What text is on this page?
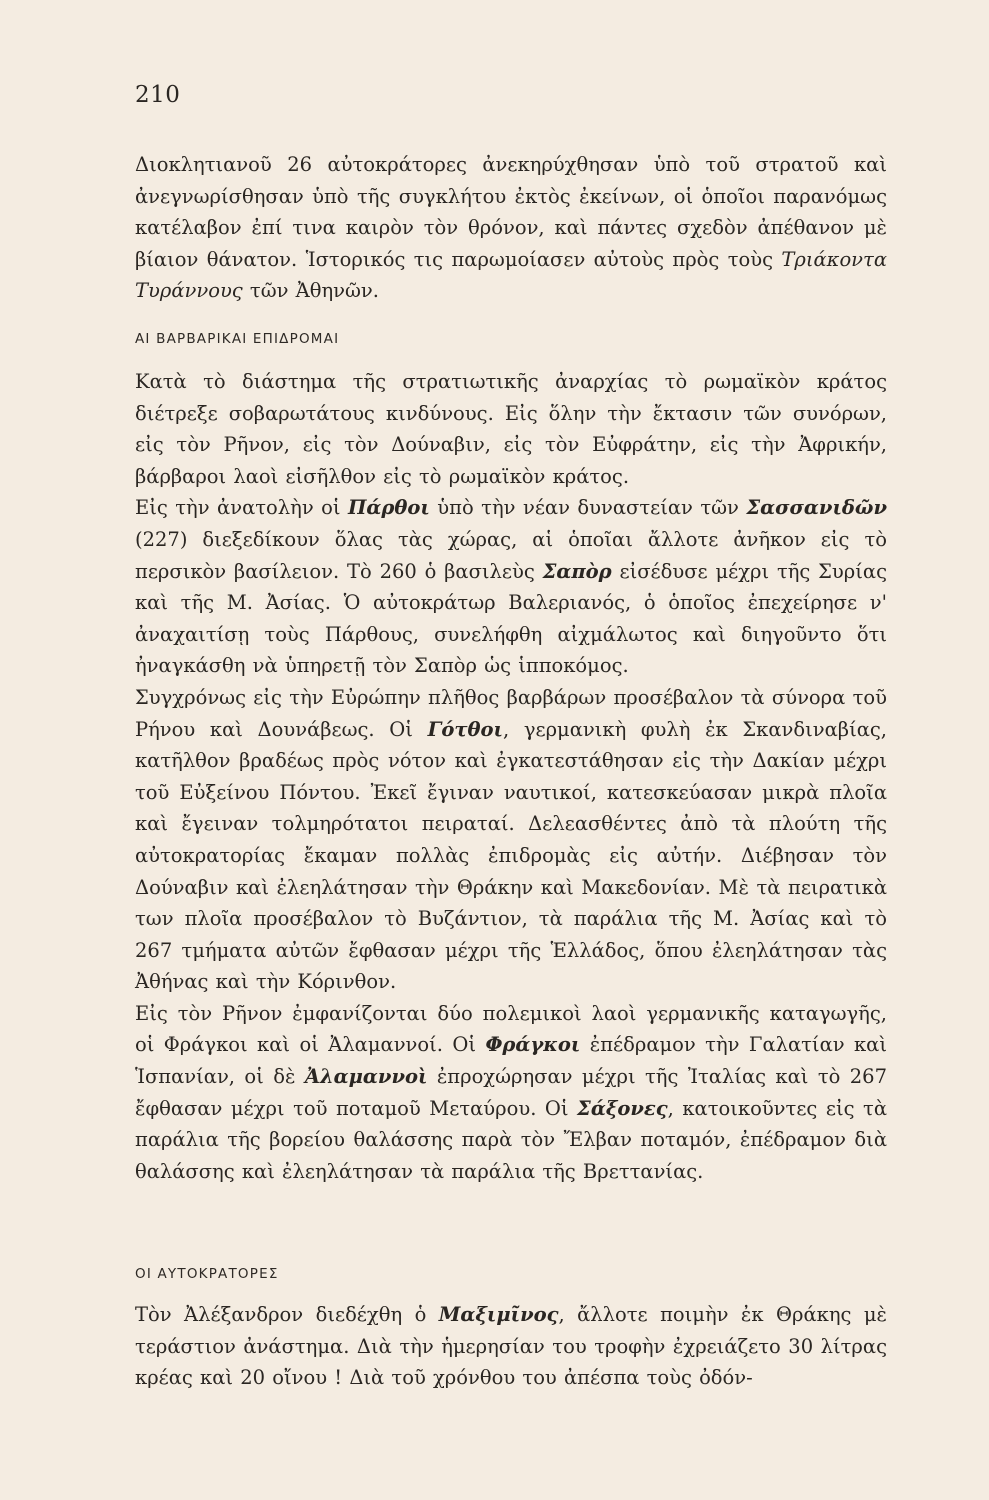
210

Διοκλητιανοῦ 26 αὐτοκράτορες ἀνεκηρύχθησαν ὑπὸ τοῦ στρατοῦ καὶ ἀνεγνωρίσθησαν ὑπὸ τῆς συγκλήτου ἐκτὸς ἐκείνων, οἱ ὁποῖοι παρανόμως κατέλαβον ἐπί τινα καιρὸν τὸν θρόνον, καὶ πάντες σχεδὸν ἀπέθανον μὲ βίαιον θάνατον. Ἱστορικός τις παρωμοίασεν αὐτοὺς πρὸς τοὺς Τριάκοντα Τυράννους τῶν Ἀθηνῶν.

ΑΙ ΒΑΡΒΑΡΙΚΑΙ ΕΠΙΔΡΟΜΑΙ

Κατὰ τὸ διάστημα τῆς στρατιωτικῆς ἀναρχίας τὸ ρωμαϊκὸν κράτος διέτρεξε σοβαρωτάτους κινδύνους. Εἰς ὅλην τὴν ἔκτασιν τῶν συνόρων, εἰς τὸν Ρῆνον, εἰς τὸν Δούναβιν, εἰς τὸν Εὐφράτην, εἰς τὴν Ἀφρικήν, βάρβαροι λαοὶ εἰσῆλθον εἰς τὸ ρωμαϊκὸν κράτος.

Εἰς τὴν ἀνατολὴν οἱ Πάρθοι ὑπὸ τὴν νέαν δυναστείαν τῶν Σασσανιδῶν (227) διεξεδίκουν ὅλας τὰς χώρας, αἱ ὁποῖαι ἄλλοτε ἀνῆκον εἰς τὸ περσικὸν βασίλειον. Τὸ 260 ὁ βασιλεὺς Σαπὸρ εἰσέδυσε μέχρι τῆς Συρίας καὶ τῆς Μ. Ἀσίας. Ὁ αὐτοκράτωρ Βαλεριανός, ὁ ὁποῖος ἐπεχείρησε ν' ἀναχαιτίσῃ τοὺς Πάρθους, συνελήφθη αἰχμάλωτος καὶ διηγοῦντο ὅτι ἠναγκάσθη νὰ ὑπηρετῇ τὸν Σαπὸρ ὡς ἱπποκόμος.

Συγχρόνως εἰς τὴν Εὐρώπην πλῆθος βαρβάρων προσέβαλον τὰ σύνορα τοῦ Ρήνου καὶ Δουνάβεως. Οἱ Γότθοι, γερμανικὴ φυλὴ ἐκ Σκανδιναβίας, κατῆλθον βραδέως πρὸς νότον καὶ ἐγκατεστάθησαν εἰς τὴν Δακίαν μέχρι τοῦ Εὐξείνου Πόντου. Ἐκεῖ ἔγιναν ναυτικοί, κατεσκεύασαν μικρὰ πλοῖα καὶ ἔγειναν τολμηρότατοι πειραταί. Δελεασθέντες ἀπὸ τὰ πλούτη τῆς αὐτοκρατορίας ἔκαμαν πολλὰς ἐπιδρομὰς εἰς αὐτήν. Διέβησαν τὸν Δούναβιν καὶ ἐλεηλάτησαν τὴν Θράκην καὶ Μακεδονίαν. Μὲ τὰ πειρατικὰ των πλοῖα προσέβαλον τὸ Βυζάντιον, τὰ παράλια τῆς Μ. Ἀσίας καὶ τὸ 267 τμήματα αὐτῶν ἔφθασαν μέχρι τῆς Ἑλλάδος, ὅπου ἐλεηλάτησαν τὰς Ἀθήνας καὶ τὴν Κόρινθον.

Εἰς τὸν Ρῆνον ἐμφανίζονται δύο πολεμικοὶ λαοὶ γερμανικῆς καταγωγῆς, οἱ Φράγκοι καὶ οἱ Ἀλαμαννοί. Οἱ Φράγκοι ἐπέδραμον τὴν Γαλατίαν καὶ Ἱσπανίαν, οἱ δὲ Ἀλαμαννοὶ ἐπροχώρησαν μέχρι τῆς Ἰταλίας καὶ τὸ 267 ἔφθασαν μέχρι τοῦ ποταμοῦ Μεταύρου. Οἱ Σάξονες, κατοικοῦντες εἰς τὰ παράλια τῆς βορείου θαλάσσης παρὰ τὸν Ἔλβαν ποταμόν, ἐπέδραμον διὰ θαλάσσης καὶ ἐλεηλάτησαν τὰ παράλια τῆς Βρεττανίας.

ΟΙ ΑΥΤΟΚΡΑΤΟΡΕΣ

Τὸν Ἀλέξανδρον διεδέχθη ὁ Μαξιμῖνος, ἄλλοτε ποιμὴν ἐκ Θράκης μὲ τεράστιον ἀνάστημα. Διὰ τὴν ἡμερησίαν του τροφὴν ἐχρειάζετο 30 λίτρας κρέας καὶ 20 οἴνου ! Διὰ τοῦ χρόνθου του ἀπέσπα τοὺς ὀδόν-
